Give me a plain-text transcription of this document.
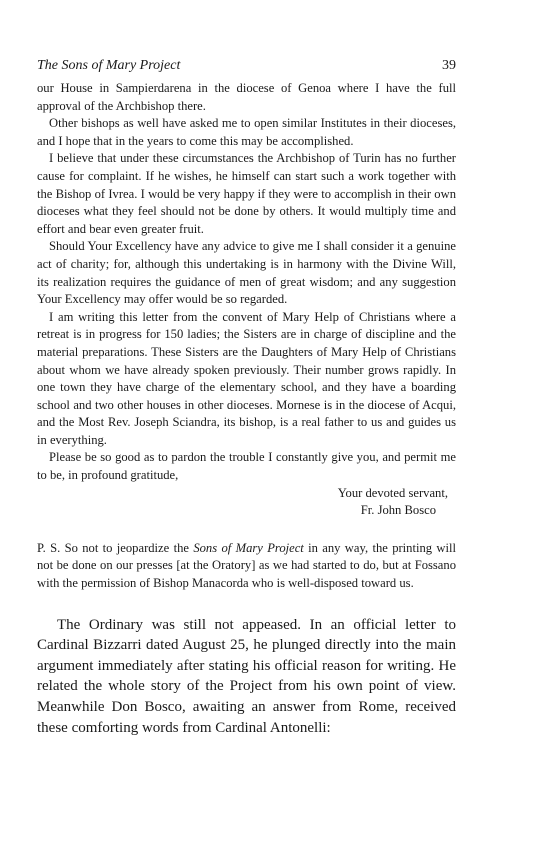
The Sons of Mary Project	39

our House in Sampierdarena in the diocese of Genoa where I have the full approval of the Archbishop there.

Other bishops as well have asked me to open similar Institutes in their dioceses, and I hope that in the years to come this may be accomplished.

I believe that under these circumstances the Archbishop of Turin has no further cause for complaint. If he wishes, he himself can start such a work together with the Bishop of Ivrea. I would be very happy if they were to accomplish in their own dioceses what they feel should not be done by others. It would multiply time and effort and bear even greater fruit.

Should Your Excellency have any advice to give me I shall consider it a genuine act of charity; for, although this undertaking is in harmony with the Divine Will, its realization requires the guidance of men of great wisdom; and any suggestion Your Excellency may offer would be so regarded.

I am writing this letter from the convent of Mary Help of Christians where a retreat is in progress for 150 ladies; the Sisters are in charge of discipline and the material preparations. These Sisters are the Daughters of Mary Help of Christians about whom we have already spoken previously. Their number grows rapidly. In one town they have charge of the elementary school, and they have a boarding school and two other houses in other dioceses. Mornese is in the diocese of Acqui, and the Most Rev. Joseph Sciandra, its bishop, is a real father to us and guides us in everything.

Please be so good as to pardon the trouble I constantly give you, and permit me to be, in profound gratitude,

Your devoted servant,
Fr. John Bosco
P. S. So not to jeopardize the Sons of Mary Project in any way, the printing will not be done on our presses [at the Oratory] as we had started to do, but at Fossano with the permission of Bishop Manacorda who is well-disposed toward us.

The Ordinary was still not appeased. In an official letter to Cardinal Bizzarri dated August 25, he plunged directly into the main argument immediately after stating his official reason for writing. He related the whole story of the Project from his own point of view. Meanwhile Don Bosco, awaiting an answer from Rome, received these comforting words from Cardinal Antonelli:
